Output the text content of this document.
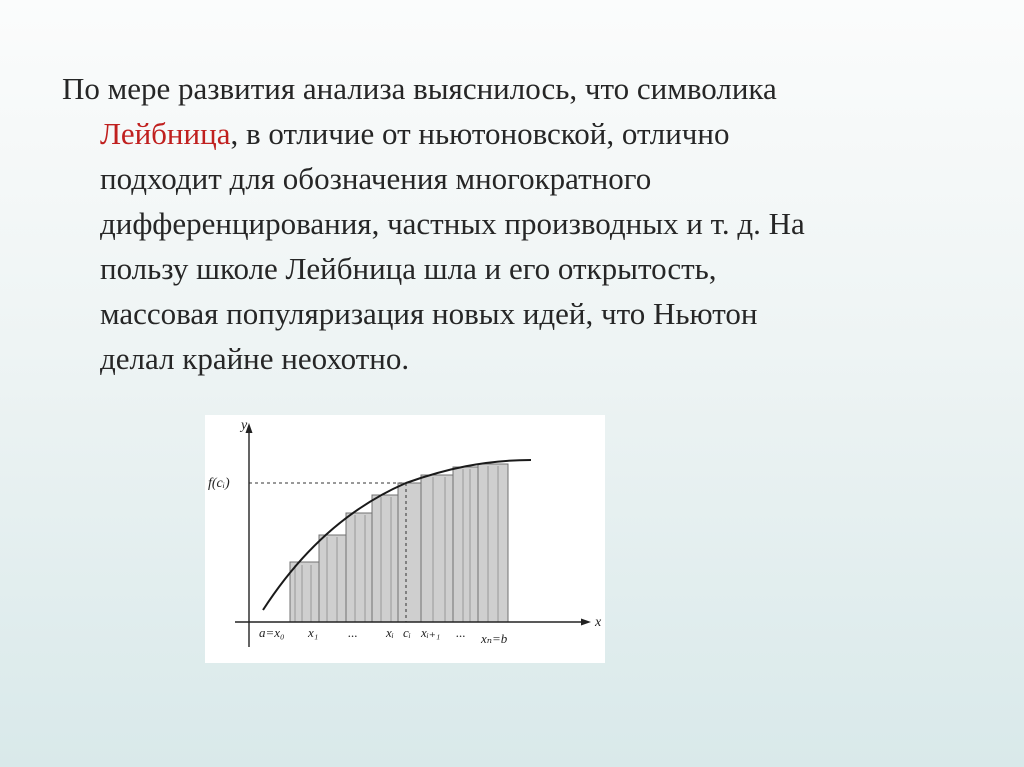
По мере развития анализа выяснилось, что символика
Лейбница, в отличие от ньютоновской, отлично
подходит для обозначения многократного
дифференцирования, частных производных и т. д. На
пользу школе Лейбница шла и его открытость,
массовая популяризация новых идей, что Ньютон
делал крайне неохотно.

y
x
f(cᵢ)
a=x₀ x₁ ... xᵢ cᵢ xᵢ₊₁ ... xₙ=b
